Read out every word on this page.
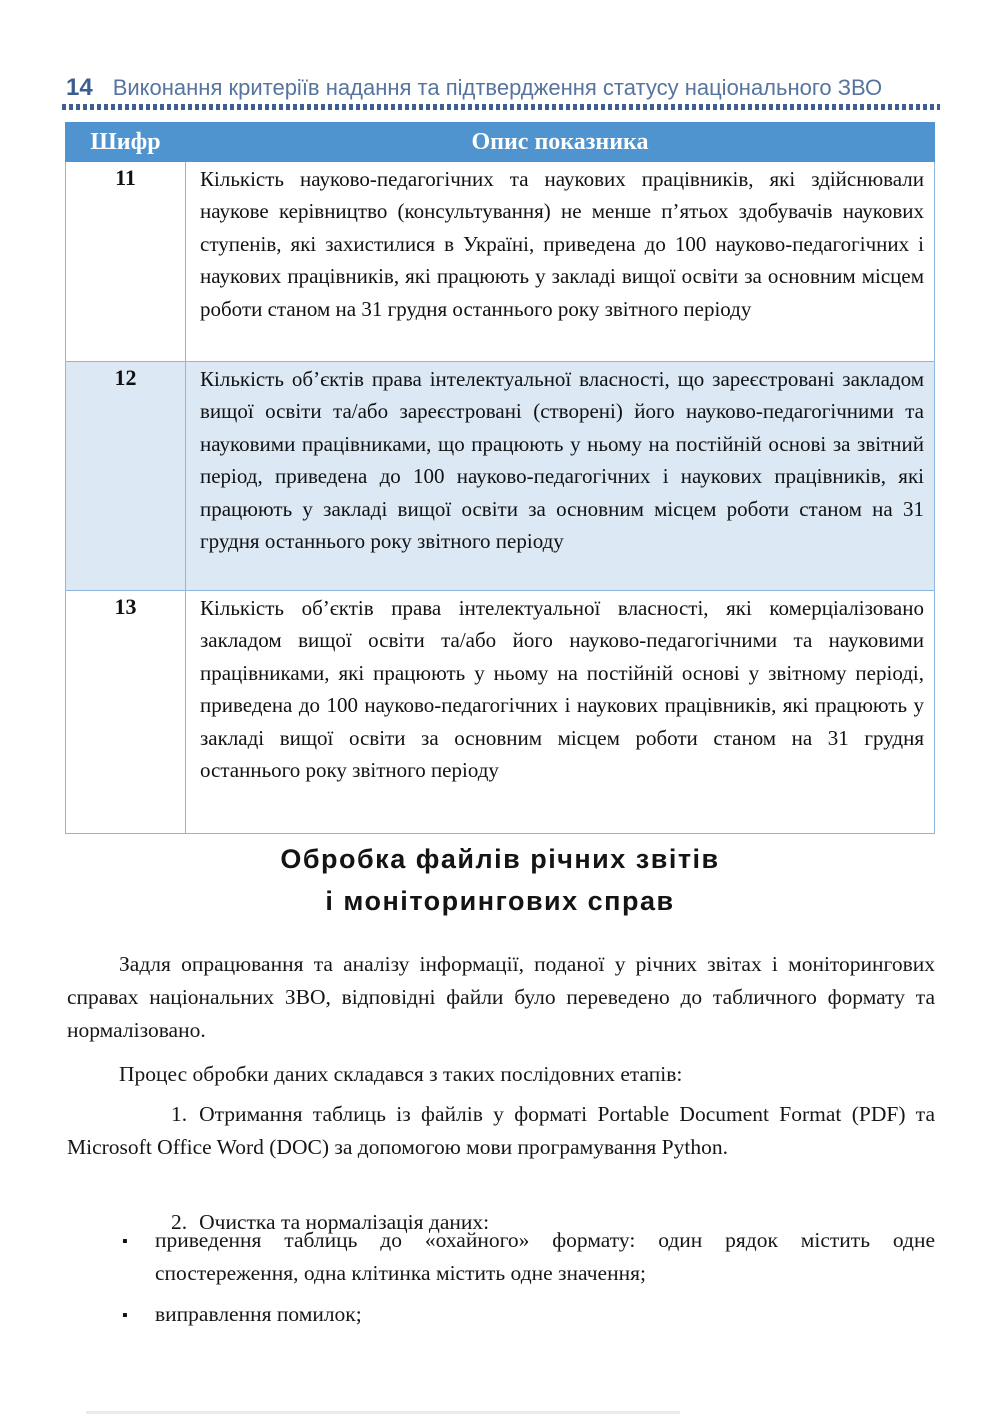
14 Виконання критеріїв надання та підтвердження статусу національного ЗВО
Шифр	Опис показника
11	Кількість науково-педагогічних та наукових працівників, які здійснювали наукове керівництво (консультування) не менше п’ятьох здобувачів наукових ступенів, які захистилися в Україні, приведена до 100 науково-педагогічних і наукових працівників, які працюють у закладі вищої освіти за основним місцем роботи станом на 31 грудня останнього року звітного періоду
12	Кількість об’єктів права інтелектуальної власності, що зареєстровані закладом вищої освіти та/або зареєстровані (створені) його науково-педагогічними та науковими працівниками, що працюють у ньому на постійній основі за звітний період, приведена до 100 науково-педагогічних і наукових працівників, які працюють у закладі вищої освіти за основним місцем роботи станом на 31 грудня останнього року звітного періоду
13	Кількість об’єктів права інтелектуальної власності, які комерціалізовано закладом вищої освіти та/або його науково-педагогічними та науковими працівниками, які працюють у ньому на постійній основі у звітному періоді, приведена до 100 науково-педагогічних і наукових працівників, які працюють у закладі вищої освіти за основним місцем роботи станом на 31 грудня останнього року звітного періоду
Обробка файлів річних звітів
і моніторингових справ

Задля опрацювання та аналізу інформації, поданої у річних звітах і моніторингових справах національних ЗВО, відповідні файли було переведено до табличного формату та нормалізовано.

Процес обробки даних складався з таких послідовних етапів:

1. Отримання таблиць із файлів у форматі Portable Document Format (PDF) та Microsoft Office Word (DOC) за допомогою мови програмування Python.

2. Очистка та нормалізація даних:

▪ приведення таблиць до «охайного» формату: один рядок містить одне спостереження, одна клітинка містить одне значення;
▪ виправлення помилок;
